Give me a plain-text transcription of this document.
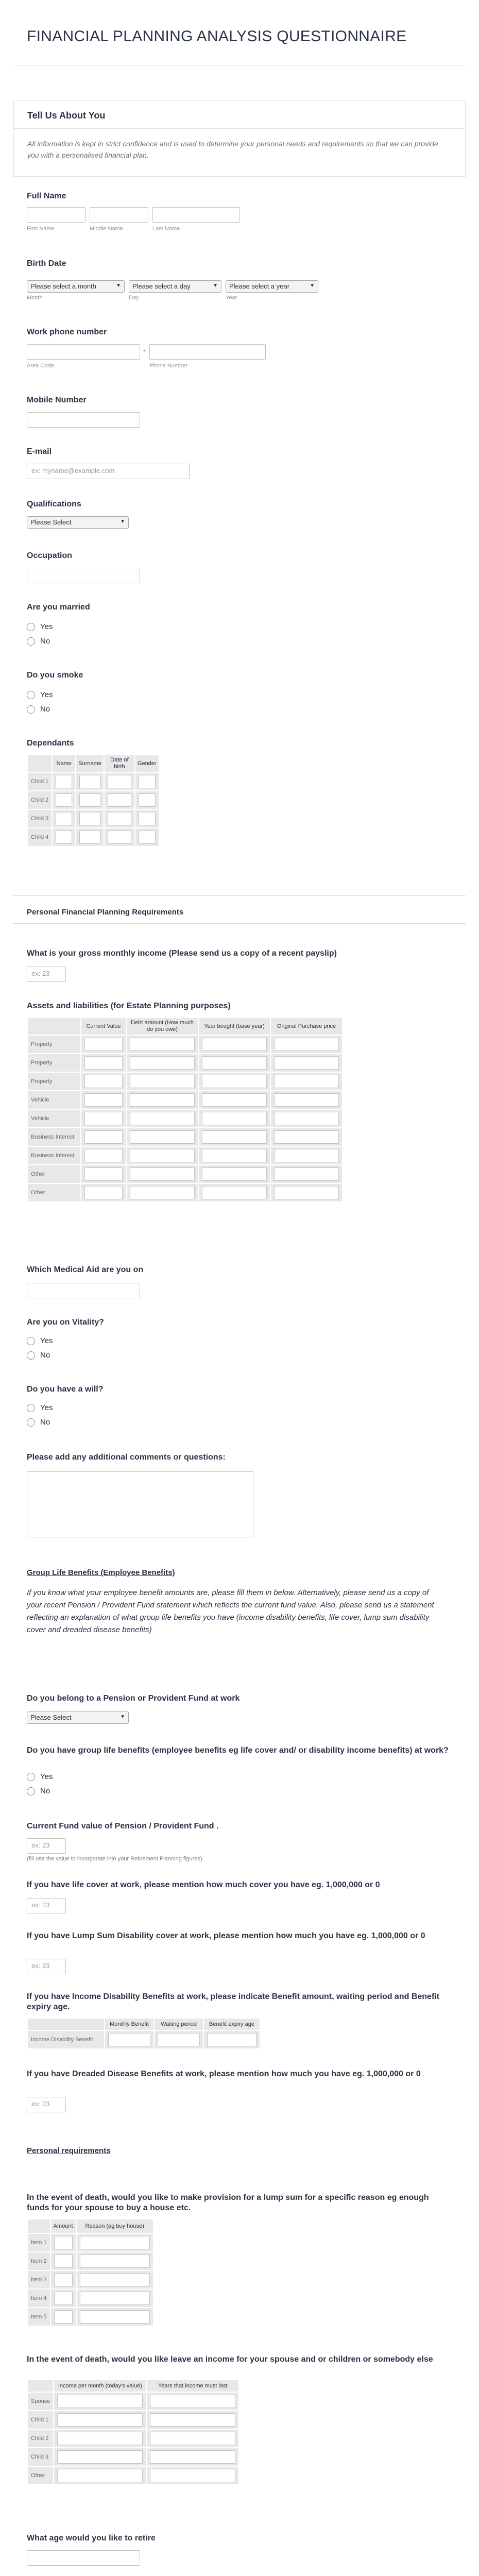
FINANCIAL PLANNING ANALYSIS QUESTIONNAIRE
Tell Us About You

All information is kept in strict confidence and is used to determine your personal needs and requirements so that we can provide you with a personalised financial plan.

Full Name
First Name	Middle Name	Last Name
Birth Date
Please select a month	▼	Please select a day	▼	Please select a year	▼
Month	Day	Year
Work phone number
-
Area Code	Phone Number
Mobile Number
E-mail
ex: myname@example.com
Qualifications
Please Select	▼
Occupation
Are you married
Yes
No
Do you smoke
Yes
No
Dependants
	Name	Surname	Date of birth	Gender
Child 1	

Child 2	

Child 3	

Child 4	

Personal Financial Planning Requirements
What is your gross monthly income (Please send us a copy of a recent payslip)
ex: 23
Assets and liabilities (for Estate Planning purposes)
	Current Value	Debt amount (How much do you owe)	Year bought (base year)	Original Purchase price
Property	

Property	

Property	

Vehicle	

Vehicle	

Business Interest	

Business Interest	

Other	

Other	

Which Medical Aid are you on
Are you on Vitality?
Yes
No
Do you have a will?
Yes
No
Please add any additional comments or questions:
Group Life Benefits (Employee Benefits)
If you know what your employee benefit amounts are, please fill them in below. Alternatively, please send us a copy of your recent Pension / Provident Fund statement which reflects the current fund value. Also, please send us a statement reflecting an explanation of what group life benefits you have (income disability benefits, life cover, lump sum disability cover and dreaded disease benefits)
Do you belong to a Pension or Provident Fund at work
Please Select	▼
Do you have group life benefits (employee benefits eg life cover and/ or disability income benefits) at work?
Yes
No
Current Fund value of Pension / Provident Fund .
ex: 23
(fill use the value to incorporate into your Retirement Planning figures)
If you have life cover at work, please mention how much cover you have eg. 1,000,000 or 0
ex: 23
If you have Lump Sum Disability cover at work, please mention how much you have eg. 1,000,000 or 0
ex: 23
If you have Income Disability Benefits at work, please indicate Benefit amount, waiting period and Benefit expiry age.
	Monthly Benefit	Waiting period	Benefit expiry age
Income Disability Benefit	

If you have Dreaded Disease Benefits at work, please mention how much you have eg. 1,000,000 or 0
ex: 23
Personal requirements
In the event of death, would you like to make provision for a lump sum for a specific reason eg enough funds for your spouse to buy a house etc.
	Amount	Reason (eg buy house)
Item 1	

Item 2	

Item 3	

Item 4	

Item 5	

In the event of death, would you like leave an income for your spouse and or children or somebody else
	Income per month (today's value)	Years that income must last
Spouse	

Child 1	

Child 2	

Child 3	

Other	

What age would you like to retire
